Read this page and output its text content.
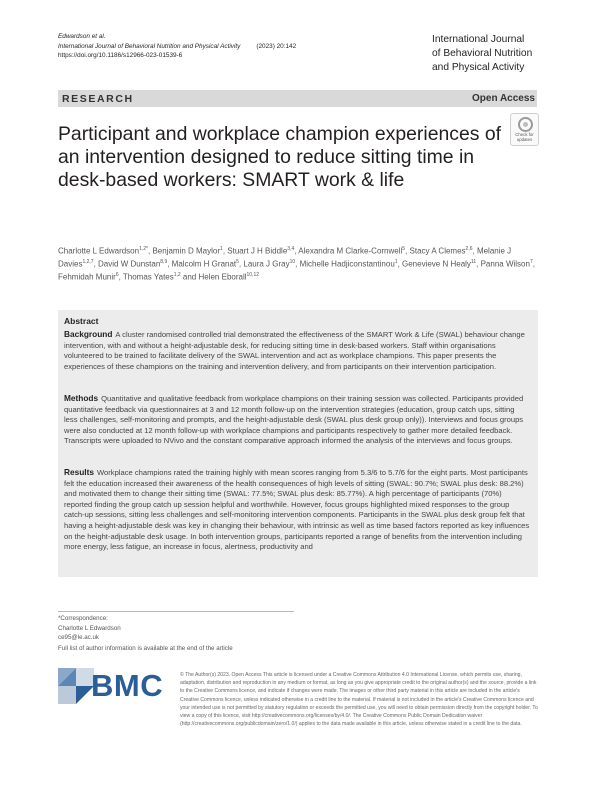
Edwardson et al.
International Journal of Behavioral Nutrition and Physical Activity	(2023) 20:142
https://doi.org/10.1186/s12966-023-01539-6
International Journal
of Behavioral Nutrition
and Physical Activity
RESEARCH	Open Access
Check for
updates
Participant and workplace champion experiences of an intervention designed to reduce sitting time in desk-based workers: SMART work & life
Charlotte L Edwardson$^{1,2*}$, Benjamin D Maylor$^1$, Stuart J H Biddle$^{3,4}$, Alexandra M Clarke-Cornwell$^5$, Stacy A Clemes$^{2,6}$, Melanie J Davies$^{1,2,7}$, David W Dunstan$^{8,9}$, Malcolm H Granat$^5$, Laura J Gray$^{10}$, Michelle Hadjiconstantinou$^1$, Genevieve N Healy$^{11}$, Panna Wilson$^7$, Fehmidah Munir$^6$, Thomas Yates$^{1,2}$ and Helen Eborall$^{10,12}$
Abstract
Background A cluster randomised controlled trial demonstrated the effectiveness of the SMART Work & Life (SWAL) behaviour change intervention, with and without a height-adjustable desk, for reducing sitting time in desk-based workers. Staff within organisations volunteered to be trained to facilitate delivery of the SWAL intervention and act as workplace champions. This paper presents the experiences of these champions on the training and intervention delivery, and from participants on their intervention participation.
Methods Quantitative and qualitative feedback from workplace champions on their training session was collected. Participants provided quantitative feedback via questionnaires at 3 and 12 month follow-up on the intervention strategies (education, group catch ups, sitting less challenges, self-monitoring and prompts, and the height-adjustable desk (SWAL plus desk group only)). Interviews and focus groups were also conducted at 12 month follow-up with workplace champions and participants respectively to gather more detailed feedback. Transcripts were uploaded to NVivo and the constant comparative approach informed the analysis of the interviews and focus groups.
Results Workplace champions rated the training highly with mean scores ranging from 5.3/6 to 5.7/6 for the eight parts. Most participants felt the education increased their awareness of the health consequences of high levels of sitting (SWAL: 90.7%; SWAL plus desk: 88.2%) and motivated them to change their sitting time (SWAL: 77.5%; SWAL plus desk: 85.77%). A high percentage of participants (70%) reported finding the group catch up session helpful and worthwhile. However, focus groups highlighted mixed responses to the group catch-up sessions, sitting less challenges and self-monitoring intervention components. Participants in the SWAL plus desk group felt that having a height-adjustable desk was key in changing their behaviour, with intrinsic as well as time based factors reported as key influences on the height-adjustable desk usage. In both intervention groups, participants reported a range of benefits from the intervention including more energy, less fatigue, an increase in focus, alertness, productivity and
*Correspondence:
Charlotte L Edwardson
ce95@le.ac.uk
Full list of author information is available at the end of the article
BMC	© The Author(s) 2023. Open Access This article is licensed under a Creative Commons Attribution 4.0 International License, which permits use, sharing, adaptation, distribution and reproduction in any medium or format, as long as you give appropriate credit to the original author(s) and the source, provide a link to the Creative Commons licence, and indicate if changes were made. The images or other third party material in this article are included in the article's Creative Commons licence, unless indicated otherwise in a credit line to the material. If material is not included in the article's Creative Commons licence and your intended use is not permitted by statutory regulation or exceeds the permitted use, you will need to obtain permission directly from the copyright holder. To view a copy of this licence, visit http://creativecommons.org/licenses/by/4.0/. The Creative Commons Public Domain Dedication waiver (http://creativecommons.org/publicdomain/zero/1.0/) applies to the data made available in this article, unless otherwise stated in a credit line to the data.
